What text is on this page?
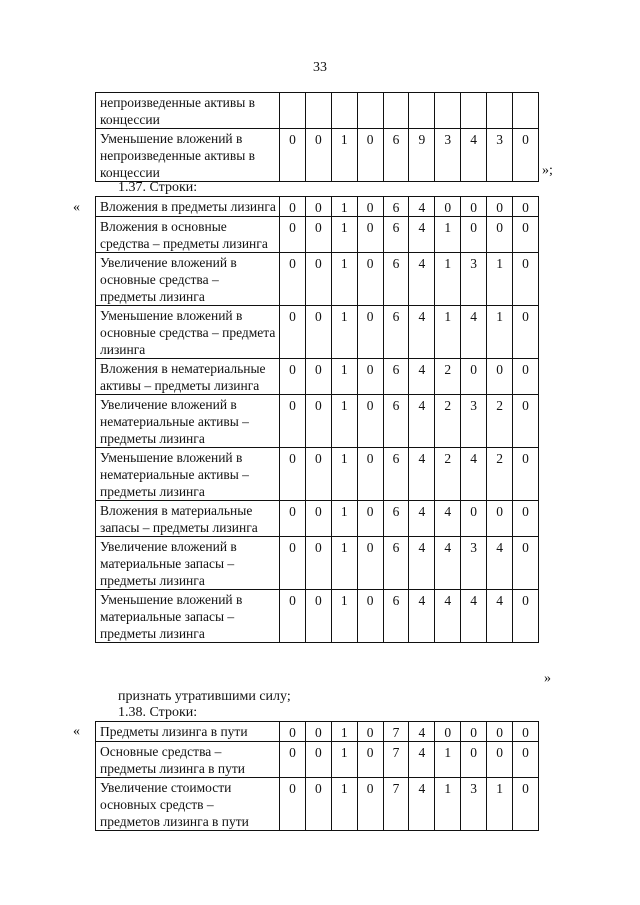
33
непроизведенные активы в концессии										
Уменьшение вложений в непроизведенные активы в концессии	0	0	1	0	6	9	3	4	3	0
»;
1.37. Строки:
« Вложения в предметы лизинга	0	0	1	0	6	4	0	0	0	0
Вложения в основные средства – предметы лизинга	0	0	1	0	6	4	1	0	0	0
Увеличение вложений в основные средства – предметы лизинга	0	0	1	0	6	4	1	3	1	0
Уменьшение вложений в основные средства – предмета лизинга	0	0	1	0	6	4	1	4	1	0
Вложения в нематериальные активы – предметы лизинга	0	0	1	0	6	4	2	0	0	0
Увеличение вложений в нематериальные активы – предметы лизинга	0	0	1	0	6	4	2	3	2	0
Уменьшение вложений в нематериальные активы – предметы лизинга	0	0	1	0	6	4	2	4	2	0
Вложения в материальные запасы – предметы лизинга	0	0	1	0	6	4	4	0	0	0
Увеличение вложений в материальные запасы – предметы лизинга	0	0	1	0	6	4	4	3	4	0
Уменьшение вложений в материальные запасы – предметы лизинга	0	0	1	0	6	4	4	4	4	0
»
признать утратившими силу;
1.38. Строки:
« Предметы лизинга в пути	0	0	1	0	7	4	0	0	0	0
Основные средства – предметы лизинга в пути	0	0	1	0	7	4	1	0	0	0
Увеличение стоимости основных средств – предметов лизинга в пути	0	0	1	0	7	4	1	3	1	0
